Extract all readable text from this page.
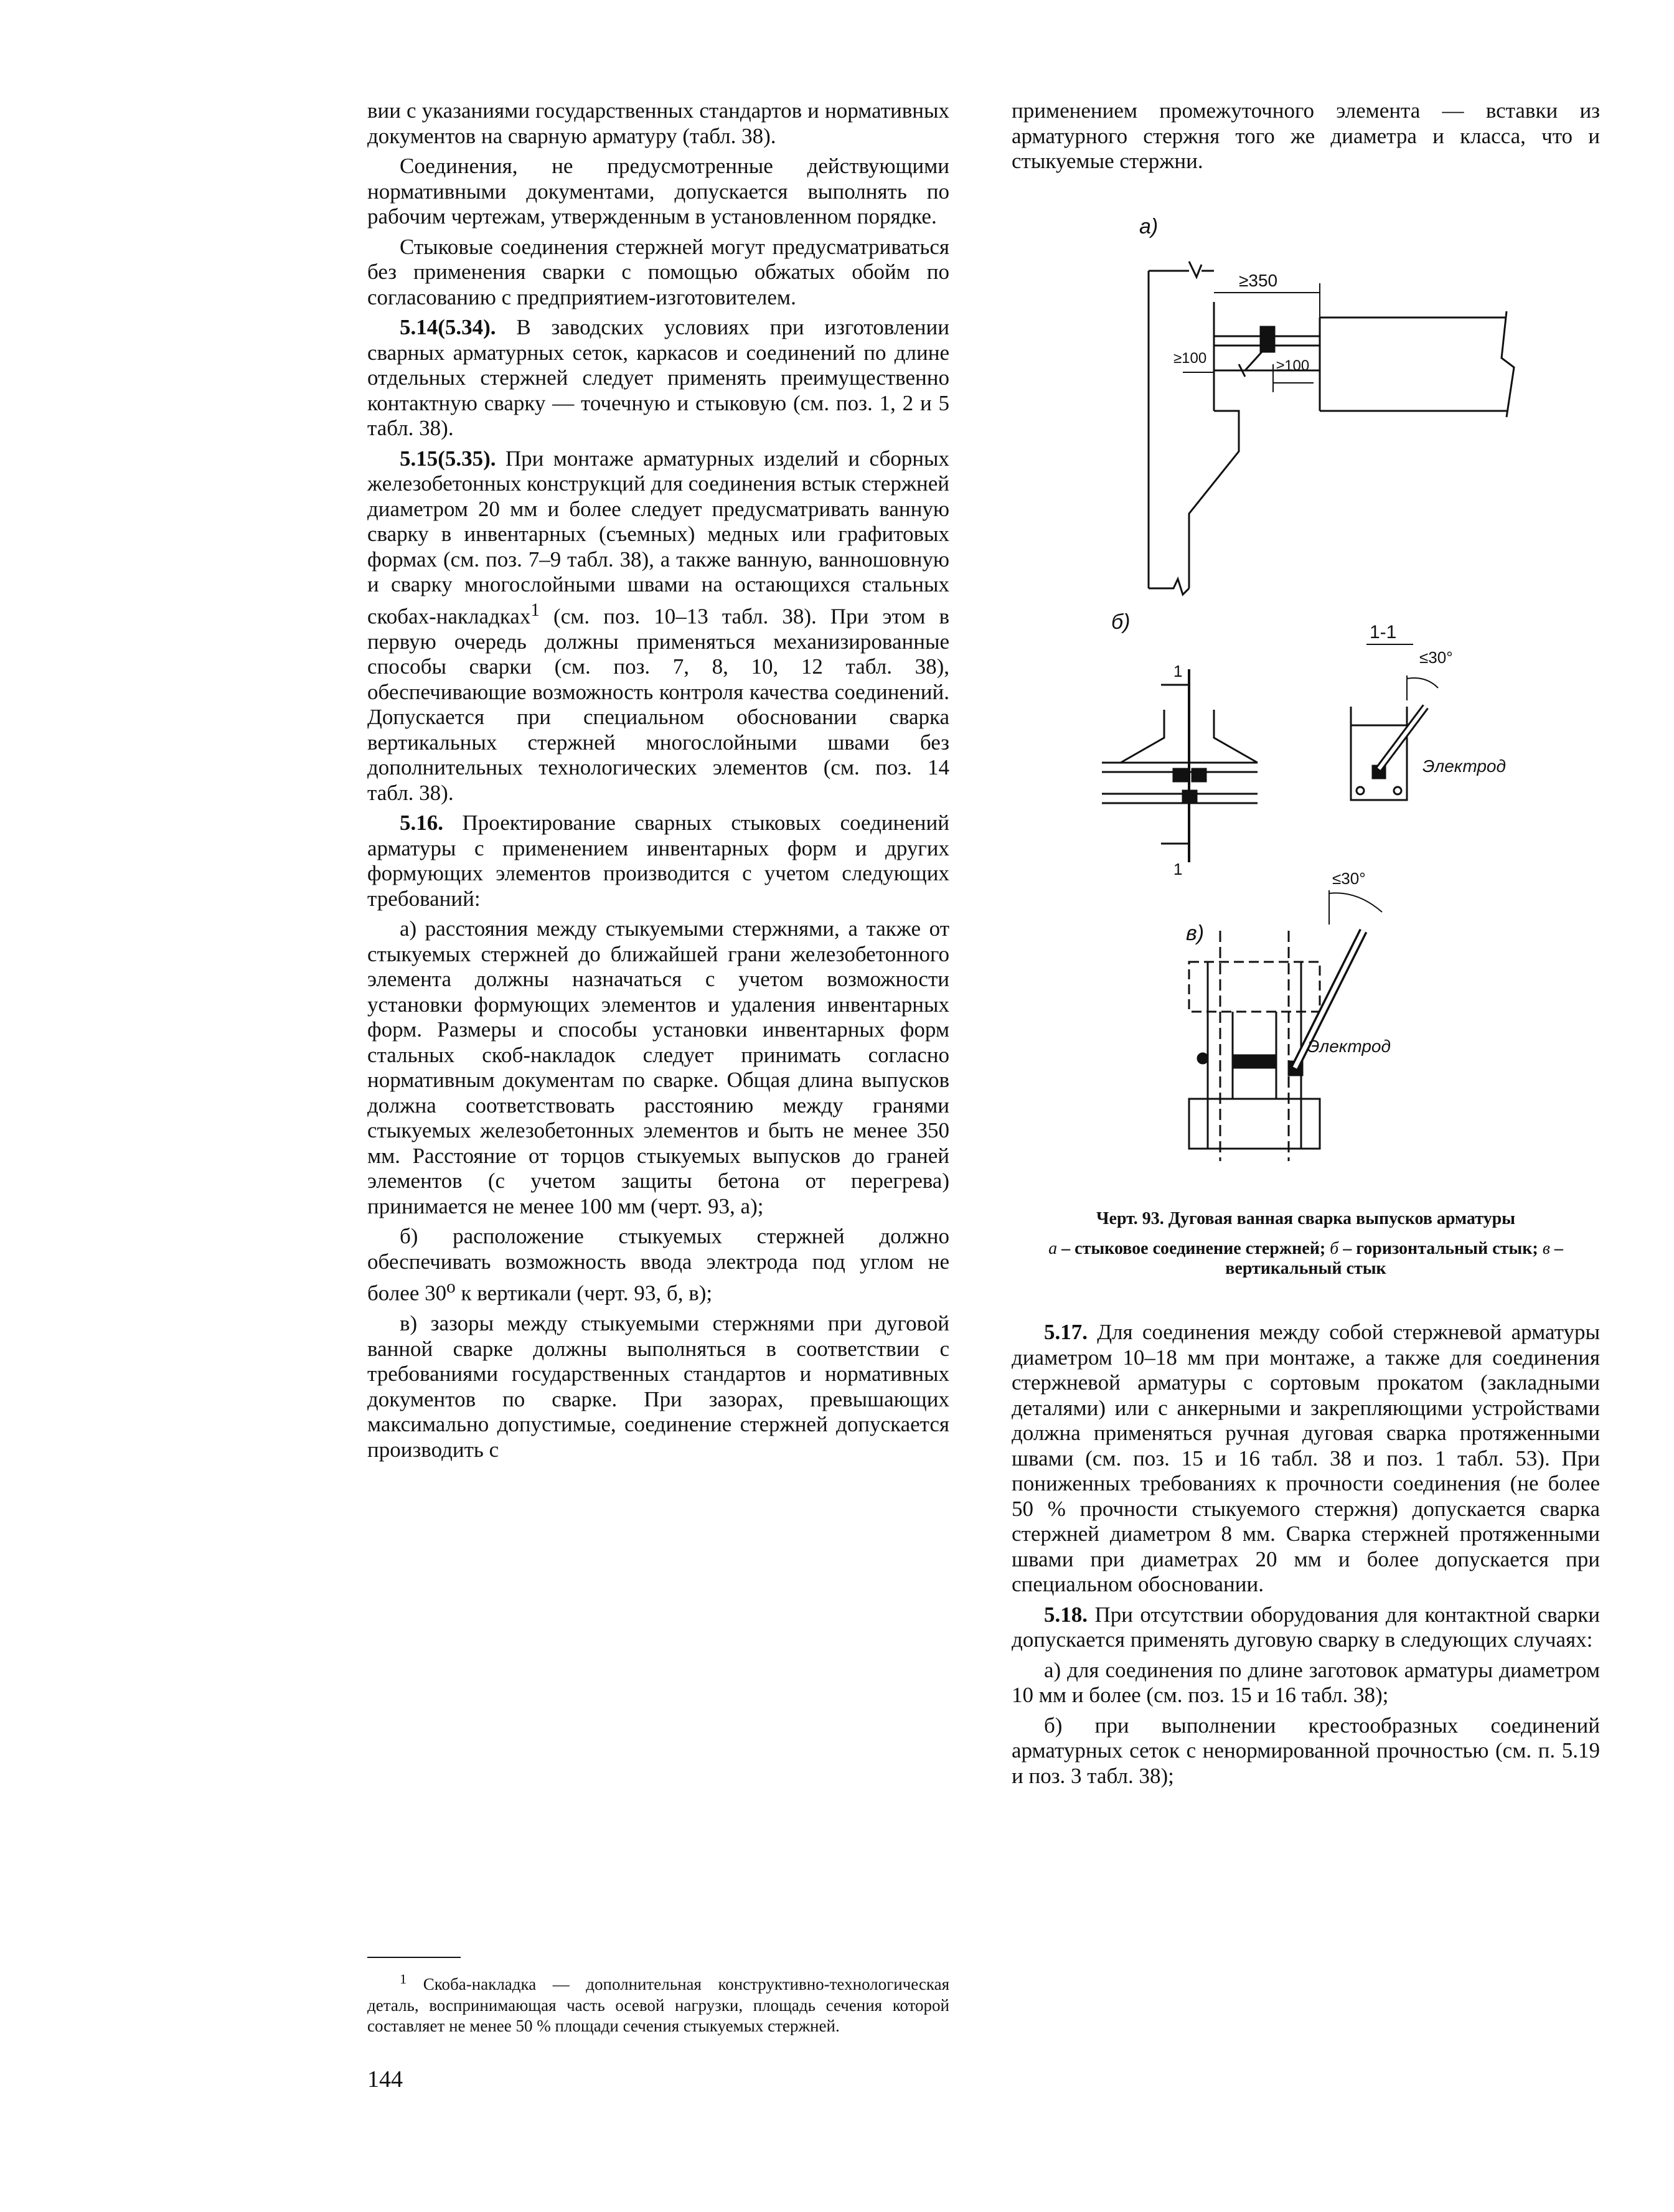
вии с указаниями государственных стандартов и нормативных документов на сварную арматуру (табл. 38).

Соединения, не предусмотренные действующими нормативными документами, допускается выполнять по рабочим чертежам, утвержденным в установленном порядке.

Стыковые соединения стержней могут предусматриваться без применения сварки с помощью обжатых обойм по согласованию с предприятием-изготовителем.

5.14(5.34). В заводских условиях при изготовлении сварных арматурных сеток, каркасов и соединений по длине отдельных стержней следует применять преимущественно контактную сварку — точечную и стыковую (см. поз. 1, 2 и 5 табл. 38).

5.15(5.35). При монтаже арматурных изделий и сборных железобетонных конструкций для соединения встык стержней диаметром 20 мм и более следует предусматривать ванную сварку в инвентарных (съемных) медных или графитовых формах (см. поз. 7–9 табл. 38), а также ванную, ванношовную и сварку многослойными швами на остающихся стальных скобах-накладках$^1$ (см. поз. 10–13 табл. 38). При этом в первую очередь должны применяться механизированные способы сварки (см. поз. 7, 8, 10, 12 табл. 38), обеспечивающие возможность контроля качества соединений. Допускается при специальном обосновании сварка вертикальных стержней многослойными швами без дополнительных технологических элементов (см. поз. 14 табл. 38).

5.16. Проектирование сварных стыковых соединений арматуры с применением инвентарных форм и других формующих элементов производится с учетом следующих требований:

а) расстояния между стыкуемыми стержнями, а также от стыкуемых стержней до ближайшей грани железобетонного элемента должны назначаться с учетом возможности установки формующих элементов и удаления инвентарных форм. Размеры и способы установки инвентарных форм стальных скоб-накладок следует принимать согласно нормативным документам по сварке. Общая длина выпусков должна соответствовать расстоянию между гранями стыкуемых железобетонных элементов и быть не менее 350 мм. Расстояние от торцов стыкуемых выпусков до граней элементов (с учетом защиты бетона от перегрева) принимается не менее 100 мм (черт. 93, а);

б) расположение стыкуемых стержней должно обеспечивать возможность ввода электрода под углом не более $30^о$ к вертикали (черт. 93, б, в);

в) зазоры между стыкуемыми стержнями при дуговой ванной сварке должны выполняться в соответствии с требованиями государственных стандартов и нормативных документов по сварке. При зазорах, превышающих максимально допустимые, соединение стержней допускается производить с

$^1$ Скоба-накладка — дополнительная конструктивно-технологическая деталь, воспринимающая часть осевой нагрузки, площадь сечения которой составляет не менее 50 % площади сечения стыкуемых стержней.

144

применением промежуточного элемента — вставки из арматурного стержня того же диаметра и класса, что и стыкуемые стержни.

а)
≥350
≥100	≥100
б)
1
1
1-1
≤30°
Электрод
в)
≤30°
Электрод
Черт. 93. Дуговая ванная сварка выпусков арматуры
а – стыковое соединение стержней; б – горизонтальный стык; в – вертикальный стык

5.17. Для соединения между собой стержневой арматуры диаметром 10–18 мм при монтаже, а также для соединения стержневой арматуры с сортовым прокатом (закладными деталями) или с анкерными и закрепляющими устройствами должна применяться ручная дуговая сварка протяженными швами (см. поз. 15 и 16 табл. 38 и поз. 1 табл. 53). При пониженных требованиях к прочности соединения (не более 50 % прочности стыкуемого стержня) допускается сварка стержней диаметром 8 мм. Сварка стержней протяженными швами при диаметрах 20 мм и более допускается при специальном обосновании.

5.18. При отсутствии оборудования для контактной сварки допускается применять дуговую сварку в следующих случаях:

а) для соединения по длине заготовок арматуры диаметром 10 мм и более (см. поз. 15 и 16 табл. 38);

б) при выполнении крестообразных соединений арматурных сеток с ненормированной прочностью (см. п. 5.19 и поз. 3 табл. 38);
